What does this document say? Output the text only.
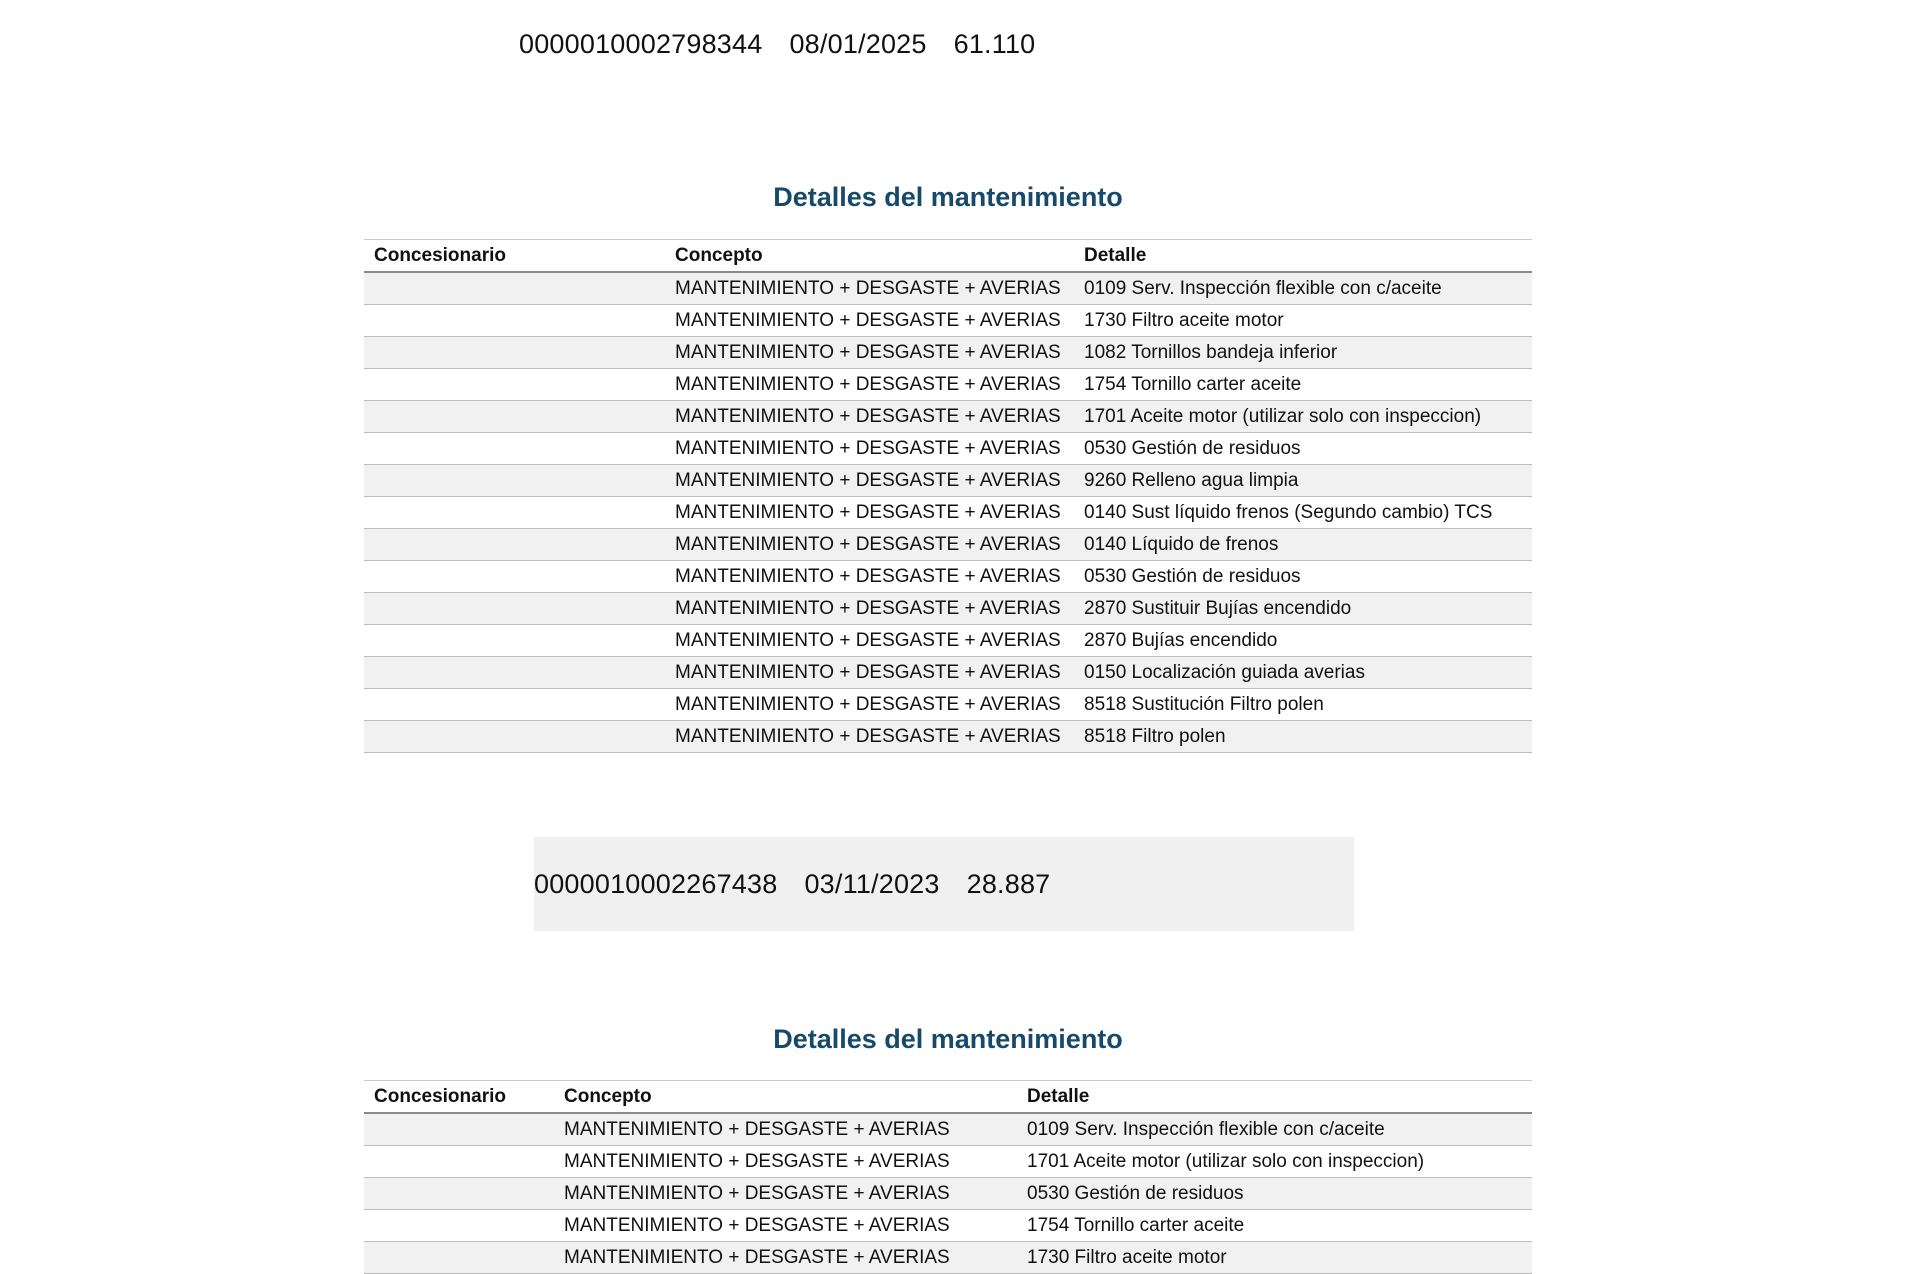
0000010002798344 08/01/2025 61.110
Detalles del mantenimiento
Concesionario	Concepto	Detalle
	MANTENIMIENTO + DESGASTE + AVERIAS	0109 Serv. Inspección flexible con c/aceite
	MANTENIMIENTO + DESGASTE + AVERIAS	1730 Filtro aceite motor
	MANTENIMIENTO + DESGASTE + AVERIAS	1082 Tornillos bandeja inferior
	MANTENIMIENTO + DESGASTE + AVERIAS	1754 Tornillo carter aceite
	MANTENIMIENTO + DESGASTE + AVERIAS	1701 Aceite motor (utilizar solo con inspeccion)
	MANTENIMIENTO + DESGASTE + AVERIAS	0530 Gestión de residuos
	MANTENIMIENTO + DESGASTE + AVERIAS	9260 Relleno agua limpia
	MANTENIMIENTO + DESGASTE + AVERIAS	0140 Sust líquido frenos (Segundo cambio) TCS
	MANTENIMIENTO + DESGASTE + AVERIAS	0140 Líquido de frenos
	MANTENIMIENTO + DESGASTE + AVERIAS	0530 Gestión de residuos
	MANTENIMIENTO + DESGASTE + AVERIAS	2870 Sustituir Bujías encendido
	MANTENIMIENTO + DESGASTE + AVERIAS	2870 Bujías encendido
	MANTENIMIENTO + DESGASTE + AVERIAS	0150 Localización guiada averias
	MANTENIMIENTO + DESGASTE + AVERIAS	8518 Sustitución Filtro polen
	MANTENIMIENTO + DESGASTE + AVERIAS	8518 Filtro polen
0000010002267438 03/11/2023 28.887
Detalles del mantenimiento
Concesionario	Concepto	Detalle
	MANTENIMIENTO + DESGASTE + AVERIAS	0109 Serv. Inspección flexible con c/aceite
	MANTENIMIENTO + DESGASTE + AVERIAS	1701 Aceite motor (utilizar solo con inspeccion)
	MANTENIMIENTO + DESGASTE + AVERIAS	0530 Gestión de residuos
	MANTENIMIENTO + DESGASTE + AVERIAS	1754 Tornillo carter aceite
	MANTENIMIENTO + DESGASTE + AVERIAS	1730 Filtro aceite motor
